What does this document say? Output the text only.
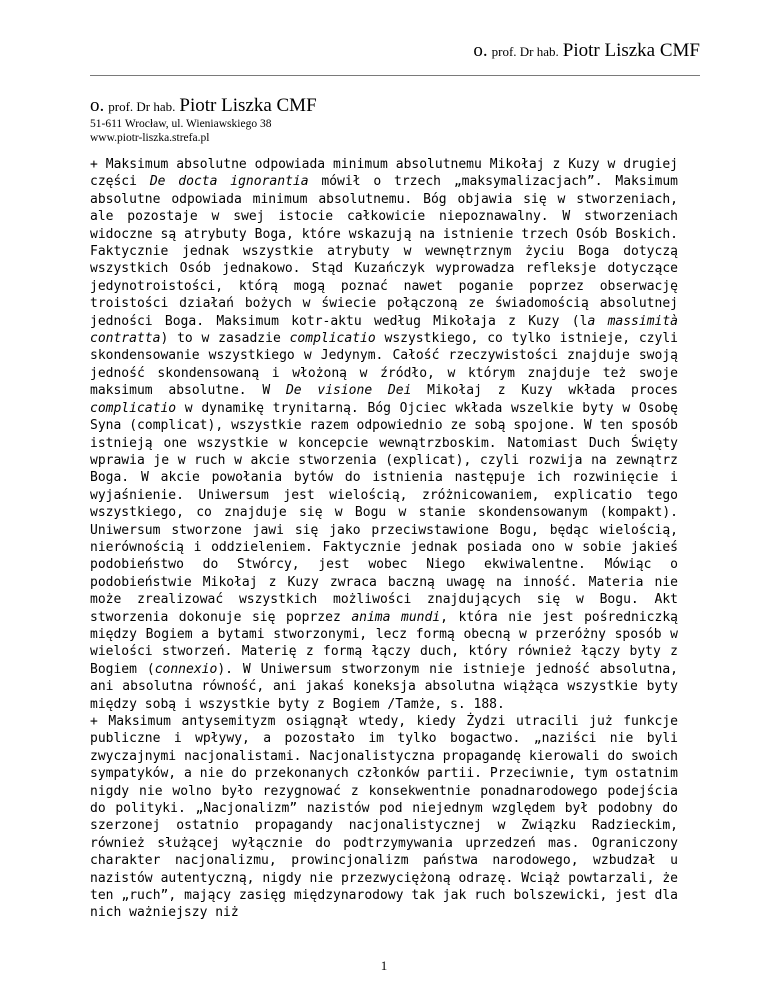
o. prof. Dr hab. Piotr Liszka CMF
o. prof. Dr hab. Piotr Liszka CMF
51-611 Wrocław, ul. Wieniawskiego 38
www.piotr-liszka.strefa.pl

+ Maksimum absolutne odpowiada minimum absolutnemu Mikołaj z Kuzy w drugiej części De docta ignorantia mówił o trzech „maksymalizacjach”. Maksimum absolutne odpowiada minimum absolutnemu. Bóg objawia się w stworzeniach, ale pozostaje w swej istocie całkowicie niepoznawalny. W stworzeniach widoczne są atrybuty Boga, które wskazują na istnienie trzech Osób Boskich. Faktycznie jednak wszystkie atrybuty w wewnętrznym życiu Boga dotyczą wszystkich Osób jednakowo. Stąd Kuzańczyk wyprowadza refleksje dotyczące jedynotroistości, którą mogą poznać nawet poganie poprzez obserwację troistości działań bożych w świecie połączoną ze świadomością absolutnej jedności Boga. Maksimum kotr-aktu według Mikołaja z Kuzy (la massimità contratta) to w zasadzie complicatio wszystkiego, co tylko istnieje, czyli skondensowanie wszystkiego w Jedynym. Całość rzeczywistości znajduje swoją jedność skondensowaną i włożoną w źródło, w którym znajduje też swoje maksimum absolutne. W De visione Dei Mikołaj z Kuzy wkłada proces complicatio w dynamikę trynitarną. Bóg Ojciec wkłada wszelkie byty w Osobę Syna (complicat), wszystkie razem odpowiednio ze sobą spojone. W ten sposób istnieją one wszystkie w koncepcie wewnątrzboskim. Natomiast Duch Święty wprawia je w ruch w akcie stworzenia (explicat), czyli rozwija na zewnątrz Boga. W akcie powołania bytów do istnienia następuje ich rozwinięcie i wyjaśnienie. Uniwersum jest wielością, zróżnicowaniem, explicatio tego wszystkiego, co znajduje się w Bogu w stanie skondensowanym (kompakt). Uniwersum stworzone jawi się jako przeciwstawione Bogu, będąc wielością, nierównością i oddzieleniem. Faktycznie jednak posiada ono w sobie jakieś podobieństwo do Stwórcy, jest wobec Niego ekwiwalentne. Mówiąc o podobieństwie Mikołaj z Kuzy zwraca baczną uwagę na inność. Materia nie może zrealizować wszystkich możliwości znajdujących się w Bogu. Akt stworzenia dokonuje się poprzez anima mundi, która nie jest pośredniczką między Bogiem a bytami stworzonymi, lecz formą obecną w przeróżny sposób w wielości stworzeń. Materię z formą łączy duch, który również łączy byty z Bogiem (connexio). W Uniwersum stworzonym nie istnieje jedność absolutna, ani absolutna równość, ani jakaś koneksja absolutna wiążąca wszystkie byty między sobą i wszystkie byty z Bogiem /Tamże, s. 188.

+ Maksimum antysemityzm osiągnął wtedy, kiedy Żydzi utracili już funkcje publiczne i wpływy, a pozostało im tylko bogactwo. „naziści nie byli zwyczajnymi nacjonalistami. Nacjonalistyczna propagandę kierowali do swoich sympatyków, a nie do przekonanych członków partii. Przeciwnie, tym ostatnim nigdy nie wolno było rezygnować z konsekwentnie ponadnarodowego podejścia do polityki. „Nacjonalizm” nazistów pod niejednym względem był podobny do szerzonej ostatnio propagandy nacjonalistycznej w Związku Radzieckim, również służącej wyłącznie do podtrzymywania uprzedzeń mas. Ograniczony charakter nacjonalizmu, prowincjonalizm państwa narodowego, wzbudzał u nazistów autentyczną, nigdy nie przezwyciężoną odrazę. Wciąż powtarzali, że ten „ruch”, mający zasięg międzynarodowy tak jak ruch bolszewicki, jest dla nich ważniejszy niż

1
